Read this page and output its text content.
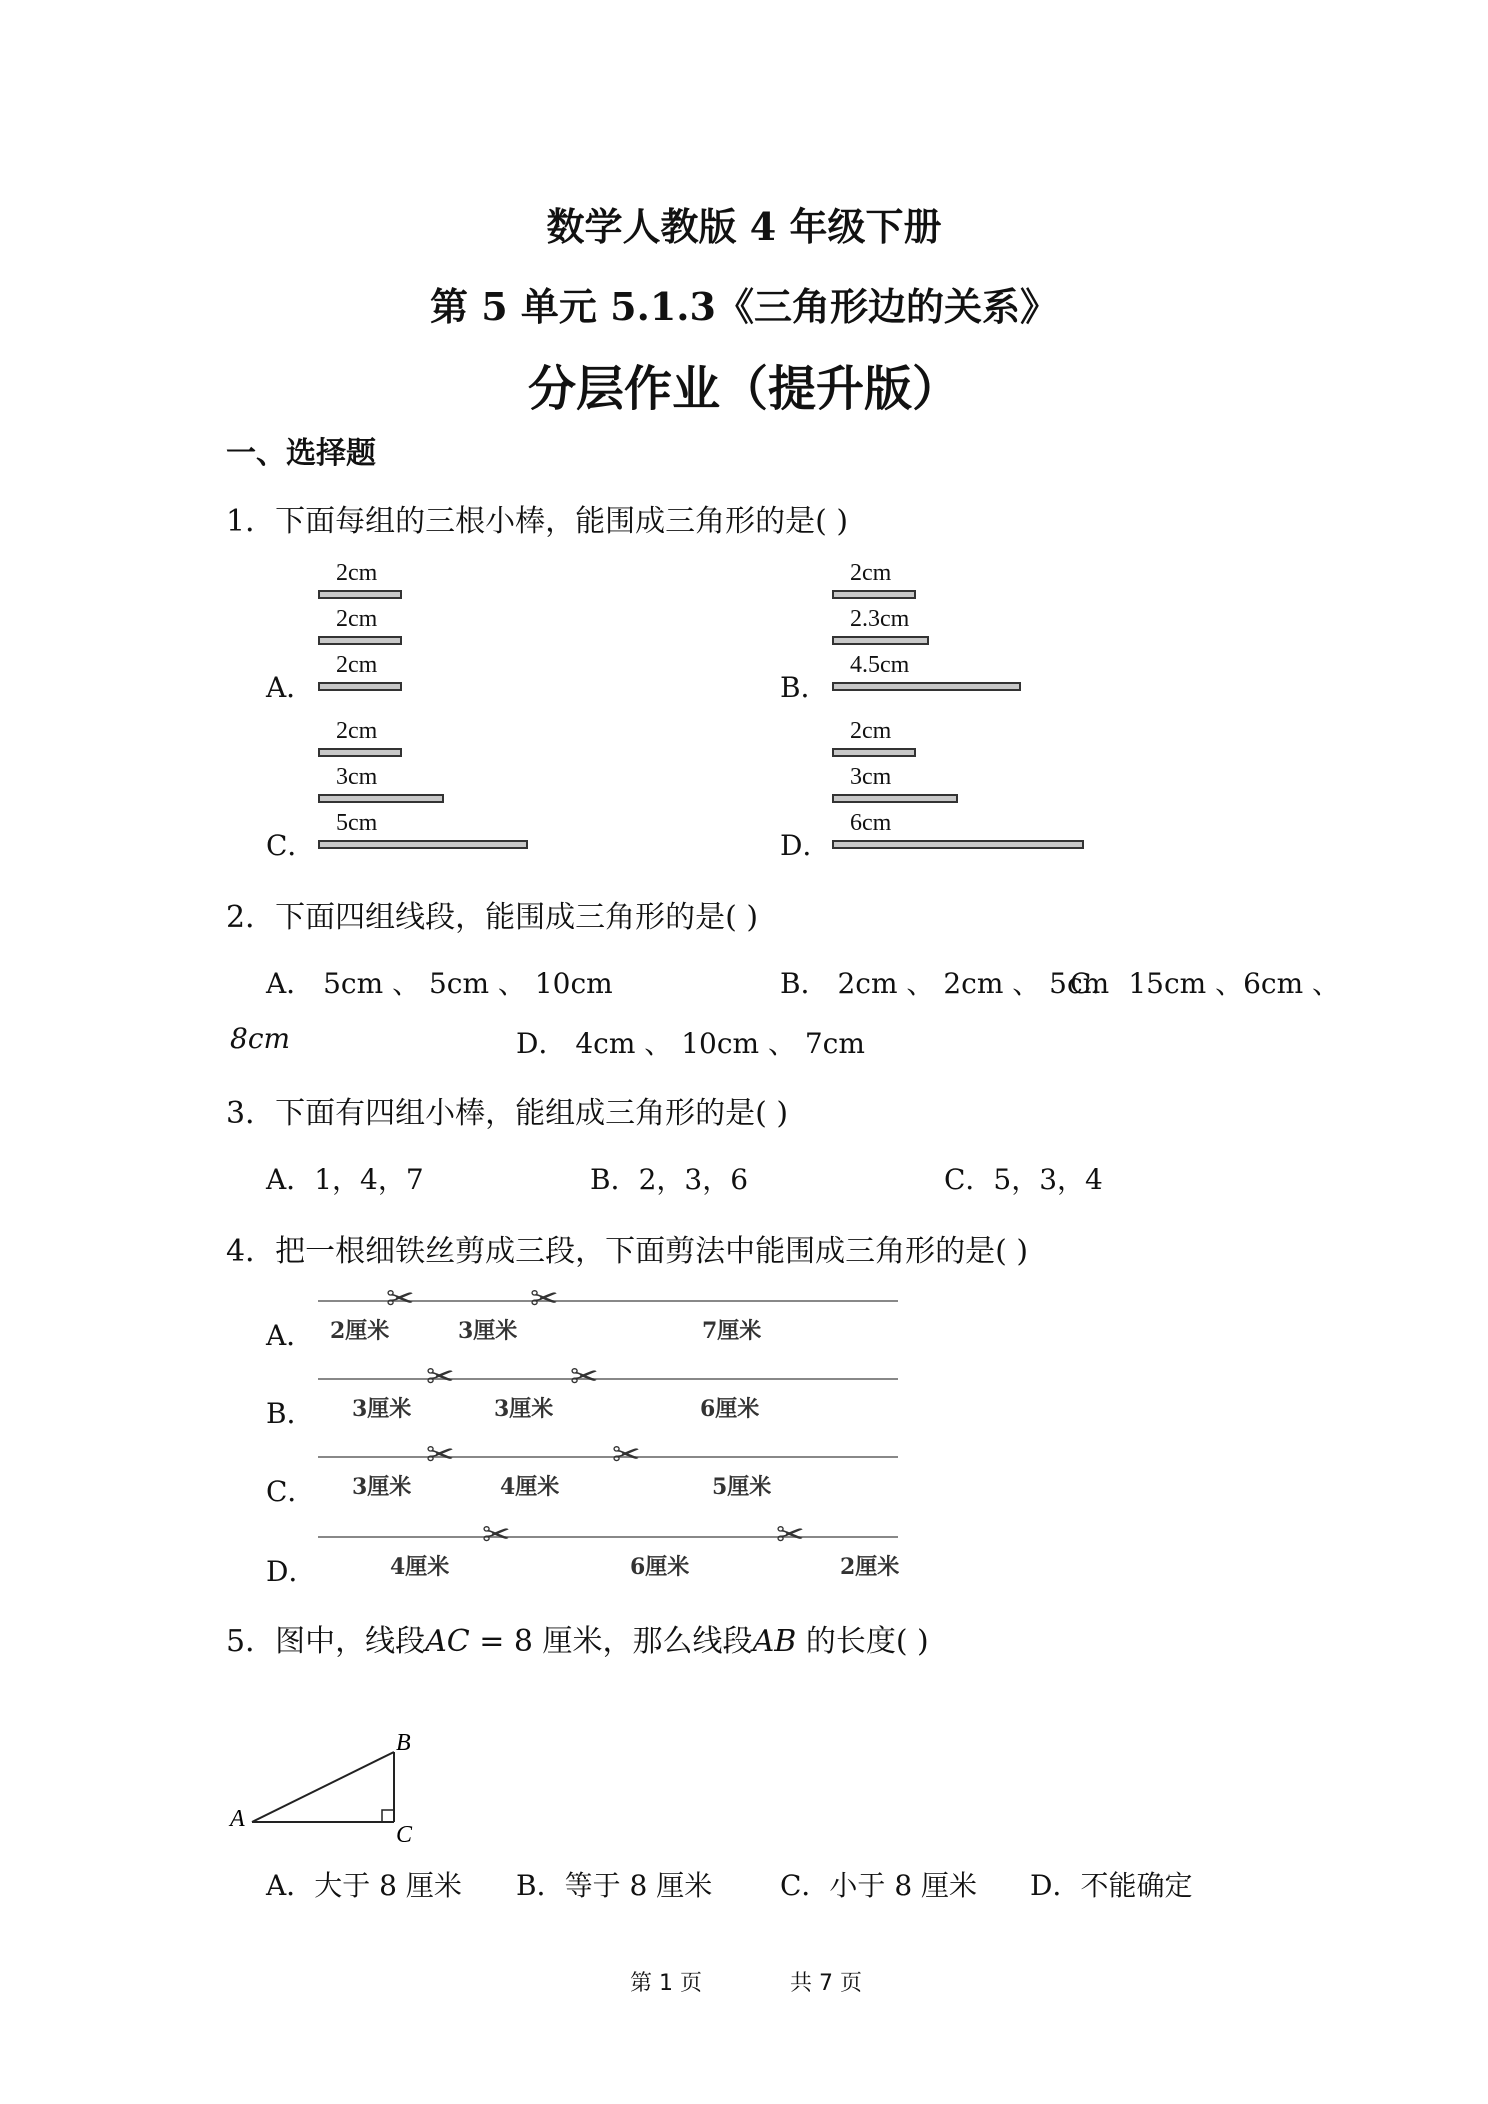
数学人教版 4 年级下册
第 5 单元 5.1.3《三角形边的关系》
分层作业（提升版）
一、选择题
1．下面每组的三根小棒，能围成三角形的是( )
A．
2cm
2cm
2cm
B．
2cm
2.3cm
4.5cm
C．
2cm
3cm
5cm
D．
2cm
3cm
6cm
2．下面四组线段，能围成三角形的是( )
A． 5cm 、 5cm 、 10cm	B． 2cm 、 2cm 、 5cm
C． 15cm 、6cm 、
8cm	D． 4cm 、 10cm 、 7cm
3．下面有四组小棒，能组成三角形的是( )
A．1，4，7	B．2，3，6	C．5，3，4
4．把一根细铁丝剪成三段，下面剪法中能围成三角形的是( )
A． 2厘米	3厘米	7厘米
✂	✂
B． 3厘米	3厘米	6厘米
✂	✂
C． 3厘米	4厘米	5厘米
✂	✂
D．	4厘米	6厘米	2厘米
✂	✂
5．图中，线段AC = 8 厘米，那么线段AB 的长度( )
A
B
C
A．大于 8 厘米 B．等于 8 厘米 C．小于 8 厘米 D．不能确定
第 1 页	共 7 页
